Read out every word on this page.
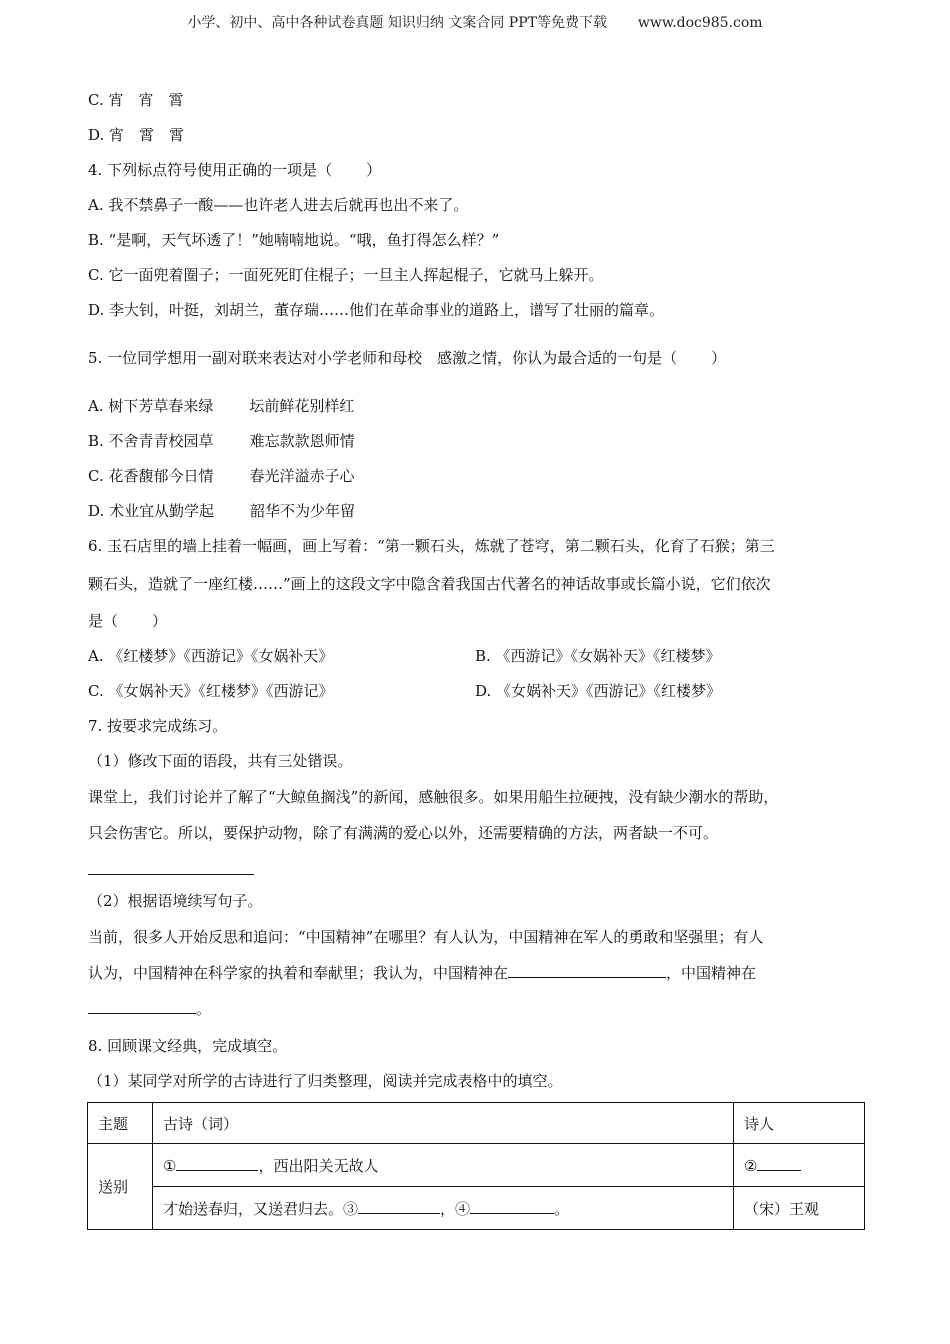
小学、初中、高中各种试卷真题 知识归纳 文案合同 PPT等免费下载 www.doc985.com
C. 宵　宵　霄
D. 宵　霄　霄
4. 下列标点符号使用正确的一项是（ ）
A. 我不禁鼻子一酸——也许老人进去后就再也出不来了。
B. “是啊，天气坏透了！”她喃喃地说。“哦，鱼打得怎么样？”
C. 它一面兜着圈子；一面死死盯住棍子；一旦主人挥起棍子，它就马上躲开。
D. 李大钊，叶挺，刘胡兰，董存瑞……他们在革命事业的道路上，谱写了壮丽的篇章。
5. 一位同学想用一副对联来表达对小学老师和母校　感激之情，你认为最合适的一句是（ ）
A. 树下芳草春来绿 坛前鲜花别样红
B. 不舍青青校园草 难忘款款恩师情
C. 花香馥郁今日情 春光洋溢赤子心
D. 术业宜从勤学起 韶华不为少年留
6. 玉石店里的墙上挂着一幅画，画上写着：“第一颗石头，炼就了苍穹，第二颗石头，化育了石猴；第三
颗石头，造就了一座红楼……”画上的这段文字中隐含着我国古代著名的神话故事或长篇小说，它们依次
是（ ）
A. 《红楼梦》《西游记》《女娲补天》	B. 《西游记》《女娲补天》《红楼梦》
C. 《女娲补天》《红楼梦》《西游记》	D. 《女娲补天》《西游记》《红楼梦》
7. 按要求完成练习。
（1）修改下面的语段，共有三处错误。
课堂上，我们讨论并了解了“大鲸鱼搁浅”的新闻，感触很多。如果用船生拉硬拽，没有缺少潮水的帮助，
只会伤害它。所以，要保护动物，除了有满满的爱心以外，还需要精确的方法，两者缺一不可。
（2）根据语境续写句子。
当前，很多人开始反思和追问：“中国精神”在哪里？有人认为，中国精神在军人的勇敢和坚强里；有人
认为，中国精神在科学家的执着和奉献里；我认为，中国精神在	，中国精神在
。
8. 回顾课文经典，完成填空。
（1）某同学对所学的古诗进行了归类整理，阅读并完成表格中的填空。
主题	古诗（词）	诗人
送别	① ，西出阳关无故人	②
	才始送春归，又送君归去。③ ，④ 。	（宋）王观
